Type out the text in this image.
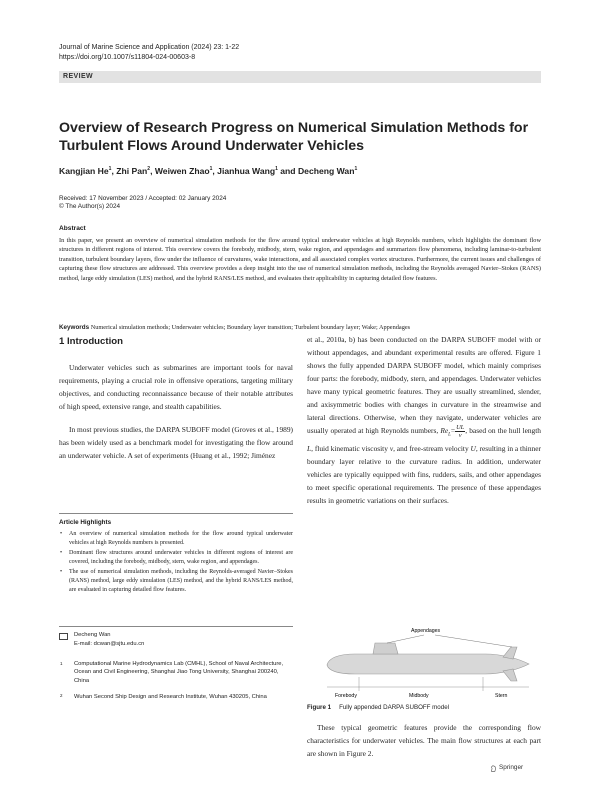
Journal of Marine Science and Application (2024) 23: 1-22
https://doi.org/10.1007/s11804-024-00603-8
REVIEW
Overview of Research Progress on Numerical Simulation Methods for Turbulent Flows Around Underwater Vehicles
Kangjian He$^1$, Zhi Pan$^2$, Weiwen Zhao$^1$, Jianhua Wang$^1$ and Decheng Wan$^1$
Received: 17 November 2023 / Accepted: 02 January 2024
© The Author(s) 2024
Abstract
In this paper, we present an overview of numerical simulation methods for the flow around typical underwater vehicles at high Reynolds numbers, which highlights the dominant flow structures in different regions of interest. This overview covers the forebody, midbody, stern, wake region, and appendages and summarizes flow phenomena, including laminar-to-turbulent transition, turbulent boundary layers, flow under the influence of curvatures, wake interactions, and all associated complex vortex structures. Furthermore, the current issues and challenges of capturing these flow structures are addressed. This overview provides a deep insight into the use of numerical simulation methods, including the Reynolds averaged Navier–Stokes (RANS) method, large eddy simulation (LES) method, and the hybrid RANS/LES method, and evaluates their applicability in capturing detailed flow features.
Keywords Numerical simulation methods; Underwater vehicles; Boundary layer transition; Turbulent boundary layer; Wake; Appendages
1 Introduction
Underwater vehicles such as submarines are important tools for naval requirements, playing a crucial role in offensive operations, targeting military objectives, and conducting reconnaissance because of their notable attributes of high speed, extensive range, and stealth capabilities.
In most previous studies, the DARPA SUBOFF model (Groves et al., 1989) has been widely used as a benchmark model for investigating the flow around an underwater vehicle. A set of experiments (Huang et al., 1992; Jiménez
Article Highlights
• An overview of numerical simulation methods for the flow around typical underwater vehicles at high Reynolds numbers is presented.
• Dominant flow structures around underwater vehicles in different regions of interest are covered, including the forebody, midbody, stern, wake region, and appendages.
• The use of numerical simulation methods, including the Reynolds-averaged Navier–Stokes (RANS) method, large eddy simulation (LES) method, and the hybrid RANS/LES method, are evaluated in capturing detailed flow features.
Decheng Wan
E-mail: dcwan@sjtu.edu.cn
1 Computational Marine Hydrodynamics Lab (CMHL), School of Naval Architecture, Ocean and Civil Engineering, Shanghai Jiao Tong University, Shanghai 200240, China
2 Wuhan Second Ship Design and Research Institute, Wuhan 430205, China
et al., 2010a, b) has been conducted on the DARPA SUBOFF model with or without appendages, and abundant experimental results are offered. Figure 1 shows the fully appended DARPA SUBOFF model, which mainly comprises four parts: the forebody, midbody, stern, and appendages. Underwater vehicles have many typical geometric features. They are usually streamlined, slender, and axisymmetric bodies with changes in curvature in the streamwise and lateral directions. Otherwise, when they navigate, underwater vehicles are usually operated at high Reynolds numbers, $Re_L= \frac{UL}{\nu}$ , based on the hull length L, fluid kinematic viscosity ν, and free-stream velocity U, resulting in a thinner boundary layer relative to the curvature radius. In addition, underwater vehicles are typically equipped with fins, rudders, sails, and other appendages to meet specific operational requirements. The presence of these appendages results in geometric variations on their surfaces.
Appendages
Forebody	Midbody	Stern
Figure 1 Fully appended DARPA SUBOFF model
These typical geometric features provide the corresponding flow characteristics for underwater vehicles. The main flow structures at each part are shown in Figure 2.
Springer
